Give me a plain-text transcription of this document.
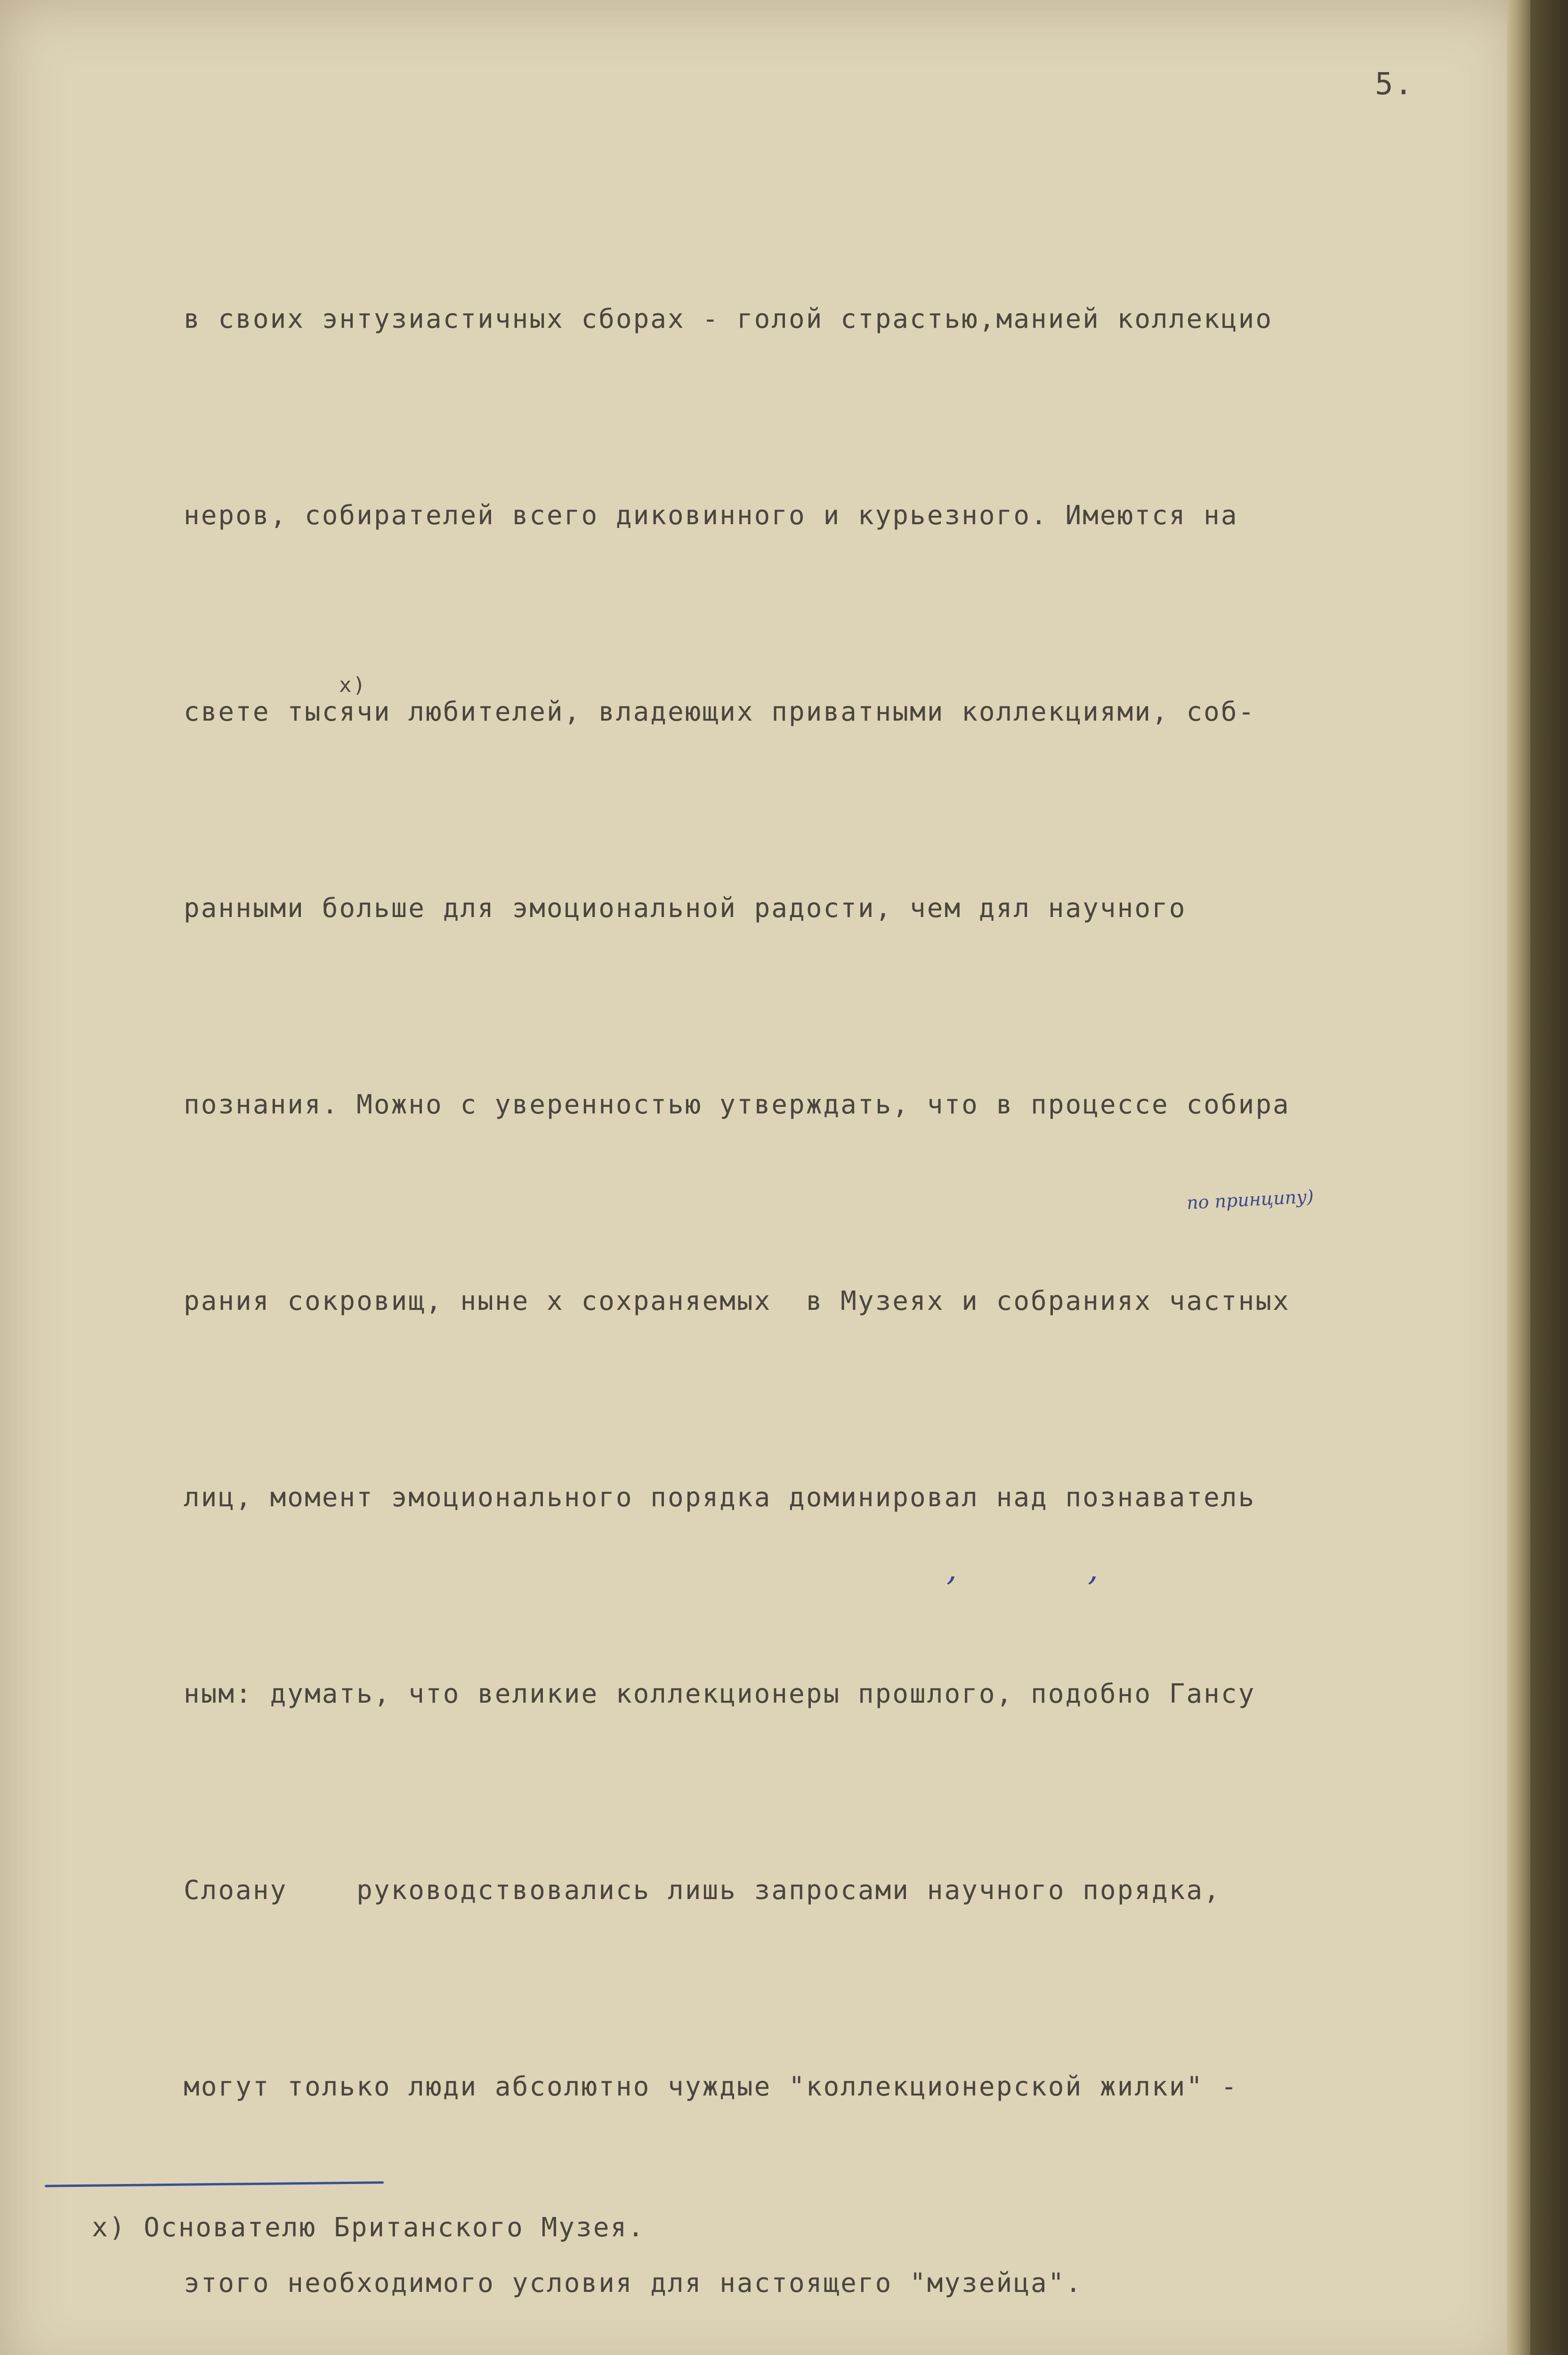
5.

в своих энтузиастичных сборах - голой страстью,манией коллекцио

неров, собирателей всего диковинного и курьезного. Имеются на

свете тысячи любителей, владеющих приватными коллекциями, соб-

ранными больше для эмоциональной радости, чем дял научного

познания. Можно с уверенностью утверждать, что в процессе собира

рания сокровищ, ныне х сохраняемых  в Музеях и собраниях частных

лиц, момент эмоционального порядка доминировал над познаватель

ным: думать, что великие коллекционеры прошлого, подобно Гансу

Слоану    руководствовались лишь запросами научного порядка,

могут только люди абсолютно чуждые "коллекционерской жилки" -

этого необходимого условия для настоящего "музейца".

x)
по принципу)
,	,
х) Основателю Британского Музея.
